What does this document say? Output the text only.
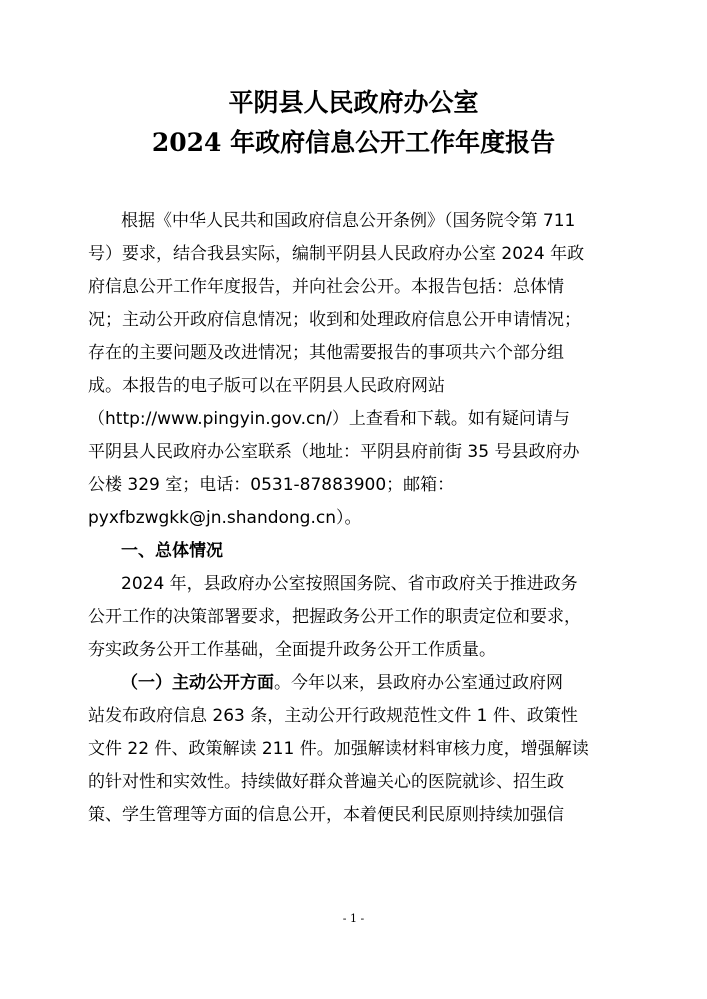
平阴县人民政府办公室
2024 年政府信息公开工作年度报告
根据《中华人民共和国政府信息公开条例》（国务院令第 711
号）要求，结合我县实际，编制平阴县人民政府办公室 2024 年政
府信息公开工作年度报告，并向社会公开。本报告包括：总体情
况；主动公开政府信息情况；收到和处理政府信息公开申请情况；
存在的主要问题及改进情况；其他需要报告的事项共六个部分组
成。本报告的电子版可以在平阴县人民政府网站
（http://www.pingyin.gov.cn/）上查看和下载。如有疑问请与
平阴县人民政府办公室联系（地址：平阴县府前街 35 号县政府办
公楼 329 室；电话：0531-87883900；邮箱：
pyxfbzwgkk@jn.shandong.cn）。
一、总体情况
2024 年，县政府办公室按照国务院、省市政府关于推进政务
公开工作的决策部署要求，把握政务公开工作的职责定位和要求，
夯实政务公开工作基础，全面提升政务公开工作质量。
（一）主动公开方面。今年以来，县政府办公室通过政府网
站发布政府信息 263 条，主动公开行政规范性文件 1 件、政策性
文件 22 件、政策解读 211 件。加强解读材料审核力度，增强解读
的针对性和实效性。持续做好群众普遍关心的医院就诊、招生政
策、学生管理等方面的信息公开，本着便民利民原则持续加强信
- 1 -
